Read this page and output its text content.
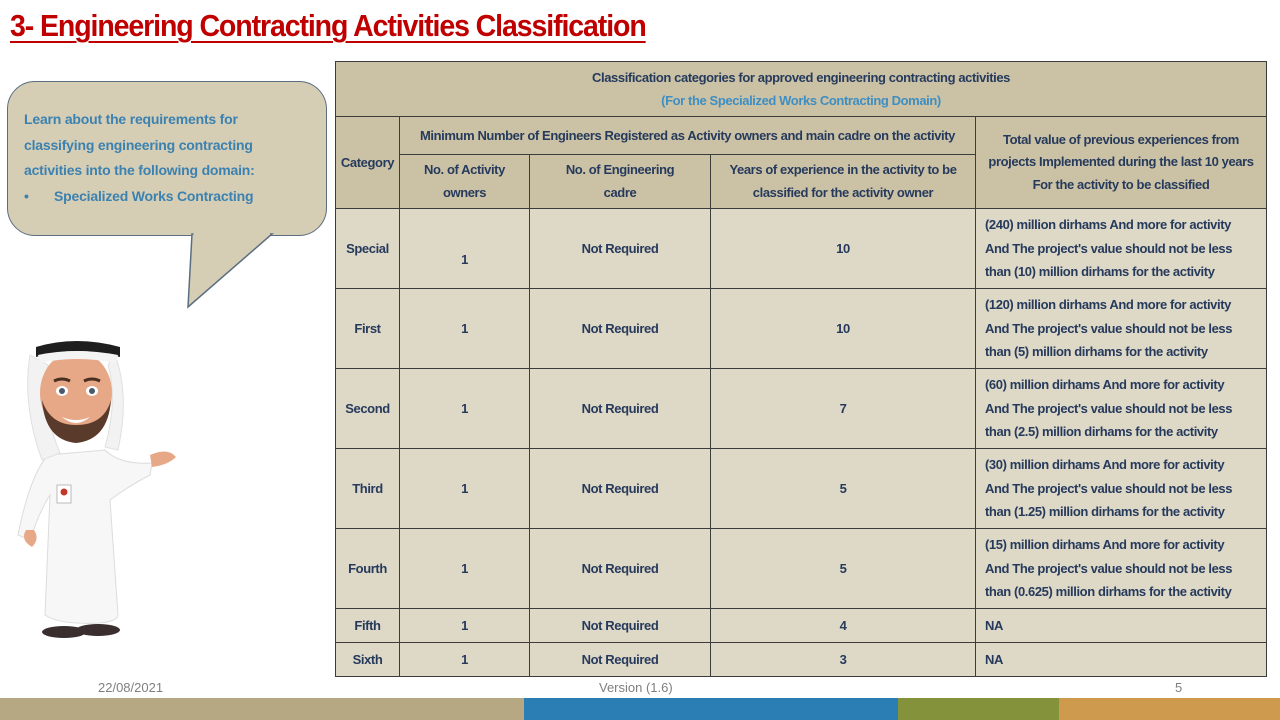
3- Engineering Contracting Activities Classification
Learn about the requirements for
classifying engineering contracting
activities into the following domain:
•	Specialized Works Contracting
Classification categories for approved engineering contracting activities
(For the Specialized Works Contracting Domain)				

Category	Minimum Number of Engineers Registered as Activity owners and main cadre on the activity			Total value of previous experiences from
projects Implemented during the last 10 years
For the activity to be classified

	No. of Activity owners	No. of Engineering cadre	Years of experience in the activity to be classified for the activity owner	
Special	1	Not Required	10	(240) million dirhams And more for activity
And The project's value should not be less
than (10) million dirhams for the activity

First	1	Not Required	10	(120) million dirhams And more for activity
And The project's value should not be less
than (5) million dirhams for the activity

Second	1	Not Required	7	(60) million dirhams And more for activity
And The project's value should not be less
than (2.5) million dirhams for the activity

Third	1	Not Required	5	(30) million dirhams And more for activity
And The project's value should not be less
than (1.25) million dirhams for the activity

Fourth	1	Not Required	5	(15) million dirhams And more for activity
And The project's value should not be less
than (0.625) million dirhams for the activity

Fifth	1	Not Required	4	NA
Sixth	1	Not Required	3	NA
22/08/2021	Version (1.6)	5
